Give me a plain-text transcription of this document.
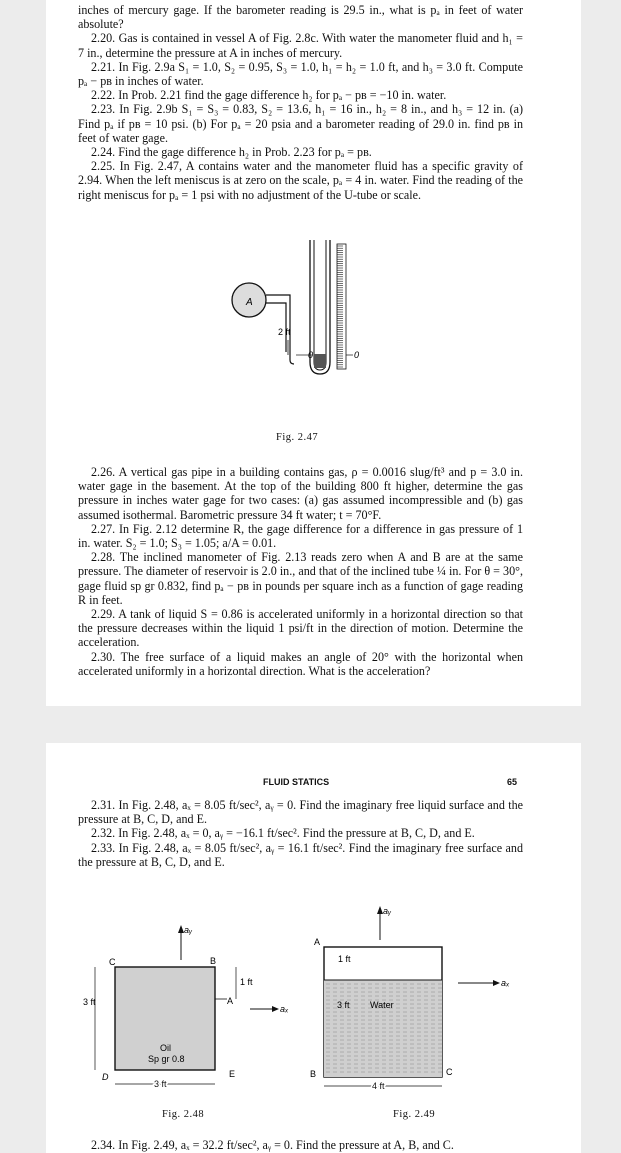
inches of mercury gage. If the barometer reading is 29.5 in., what is pₐ in feet of water absolute?

2.20. Gas is contained in vessel A of Fig. 2.8c. With water the manometer fluid and h₁ = 7 in., determine the pressure at A in inches of mercury.

2.21. In Fig. 2.9a S₁ = 1.0, S₂ = 0.95, S₃ = 1.0, h₁ = h₂ = 1.0 ft, and h₃ = 3.0 ft. Compute pₐ − pʙ in inches of water.

2.22. In Prob. 2.21 find the gage difference h₂ for pₐ − pʙ = −10 in. water.

2.23. In Fig. 2.9b S₁ = S₃ = 0.83, S₂ = 13.6, h₁ = 16 in., h₂ = 8 in., and h₃ = 12 in. (a) Find pₐ if pʙ = 10 psi. (b) For pₐ = 20 psia and a barometer reading of 29.0 in. find pʙ in feet of water gage.

2.24. Find the gage difference h₂ in Prob. 2.23 for pₐ = pʙ.

2.25. In Fig. 2.47, A contains water and the manometer fluid has a specific gravity of 2.94. When the left meniscus is at zero on the scale, pₐ = 4 in. water. Find the reading of the right meniscus for pₐ = 1 psi with no adjustment of the U-tube or scale.

A
2 ft
0	0
Fig. 2.47

2.26. A vertical gas pipe in a building contains gas, ρ = 0.0016 slug/ft³ and p = 3.0 in. water gage in the basement. At the top of the building 800 ft higher, determine the gas pressure in inches water gage for two cases: (a) gas assumed incompressible and (b) gas assumed isothermal. Barometric pressure 34 ft water; t = 70°F.

2.27. In Fig. 2.12 determine R, the gage difference for a difference in gas pressure of 1 in. water. S₂ = 1.0; S₃ = 1.05; a/A = 0.01.

2.28. The inclined manometer of Fig. 2.13 reads zero when A and B are at the same pressure. The diameter of reservoir is 2.0 in., and that of the inclined tube ¼ in. For θ = 30°, gage fluid sp gr 0.832, find pₐ − pʙ in pounds per square inch as a function of gage reading R in feet.

2.29. A tank of liquid S = 0.86 is accelerated uniformly in a horizontal direction so that the pressure decreases within the liquid 1 psi/ft in the direction of motion. Determine the acceleration.

2.30. The free surface of a liquid makes an angle of 20° with the horizontal when accelerated uniformly in a horizontal direction. What is the acceleration?

FLUID STATICS	65

2.31. In Fig. 2.48, aₓ = 8.05 ft/sec², aᵧ = 0. Find the imaginary free liquid surface and the pressure at B, C, D, and E.

2.32. In Fig. 2.48, aₓ = 0, aᵧ = −16.1 ft/sec². Find the pressure at B, C, D, and E.

2.33. In Fig. 2.48, aₓ = 8.05 ft/sec², aᵧ = 16.1 ft/sec². Find the imaginary free surface and the pressure at B, C, D, and E.

aᵧ
C	B
D	E
A
1 ft
aₓ
3 ft
Oil
Sp gr 0.8
3 ft
Fig. 2.48
aᵧ
A
B	C
1 ft
3 ft Water
aₓ
4 ft
Fig. 2.49
2.34. In Fig. 2.49, aₓ = 32.2 ft/sec², aᵧ = 0. Find the pressure at A, B, and C.
